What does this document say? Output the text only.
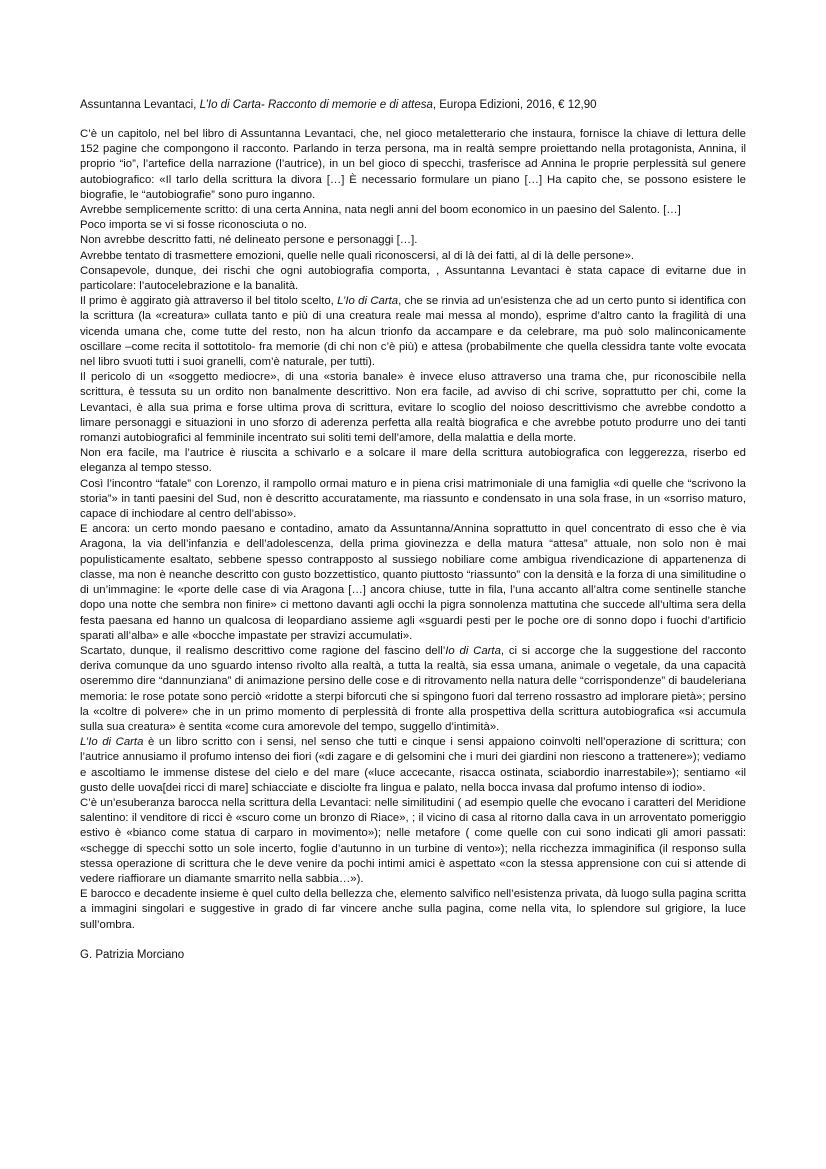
Assuntanna Levantaci, L’Io di Carta- Racconto di memorie e di attesa, Europa Edizioni, 2016, € 12,90

C’è un capitolo, nel bel libro di Assuntanna Levantaci, che, nel gioco metaletterario che instaura, fornisce la chiave di lettura delle 152 pagine che compongono il racconto. Parlando in terza persona, ma in realtà sempre proiettando nella protagonista, Annina, il proprio “io”, l’artefice della narrazione (l’autrice), in un bel gioco di specchi, trasferisce ad Annina le proprie perplessità sul genere autobiografico: «Il tarlo della scrittura la divora […] È necessario formulare un piano […] Ha capito che, se possono esistere le biografie, le “autobiografie” sono puro inganno.

Avrebbe semplicemente scritto: di una certa Annina, nata negli anni del boom economico in un paesino del Salento. […]

Poco importa se vi si fosse riconosciuta o no.

Non avrebbe descritto fatti, né delineato persone e personaggi […].

Avrebbe tentato di trasmettere emozioni, quelle nelle quali riconoscersi, al di là dei fatti, al di là delle persone».

Consapevole, dunque, dei rischi che ogni autobiografia comporta, , Assuntanna Levantaci è stata capace di evitarne due in particolare: l’autocelebrazione e la banalità.

Il primo è aggirato già attraverso il bel titolo scelto, L’Io di Carta, che se rinvia ad un’esistenza che ad un certo punto si identifica con la scrittura (la «creatura» cullata tanto e più di una creatura reale mai messa al mondo), esprime d’altro canto la fragilità di una vicenda umana che, come tutte del resto, non ha alcun trionfo da accampare e da celebrare, ma può solo malinconicamente oscillare –come recita il sottotitolo- fra memorie (di chi non c’è più) e attesa (probabilmente che quella clessidra tante volte evocata nel libro svuoti tutti i suoi granelli, com’è naturale, per tutti).

Il pericolo di un «soggetto mediocre», di una «storia banale» è invece eluso attraverso una trama che, pur riconoscibile nella scrittura, è tessuta su un ordito non banalmente descrittivo. Non era facile, ad avviso di chi scrive, soprattutto per chi, come la Levantaci, è alla sua prima e forse ultima prova di scrittura, evitare lo scoglio del noioso descrittivismo che avrebbe condotto a limare personaggi e situazioni in uno sforzo di aderenza perfetta alla realtà biografica e che avrebbe potuto produrre uno dei tanti romanzi autobiografici al femminile incentrato sui soliti temi dell’amore, della malattia e della morte.

Non era facile, ma l’autrice è riuscita a schivarlo e a solcare il mare della scrittura autobiografica con leggerezza, riserbo ed eleganza al tempo stesso.

Così l’incontro “fatale” con Lorenzo, il rampollo ormai maturo e in piena crisi matrimoniale di una famiglia «di quelle che “scrivono la storia”» in tanti paesini del Sud, non è descritto accuratamente, ma riassunto e condensato in una sola frase, in un «sorriso maturo, capace di inchiodare al centro dell’abisso».

E ancora: un certo mondo paesano e contadino, amato da Assuntanna/Annina soprattutto in quel concentrato di esso che è via Aragona, la via dell’infanzia e dell’adolescenza, della prima giovinezza e della matura “attesa” attuale, non solo non è mai populisticamente esaltato, sebbene spesso contrapposto al sussiego nobiliare come ambigua rivendicazione di appartenenza di classe, ma non è neanche descritto con gusto bozzettistico, quanto piuttosto “riassunto” con la densità e la forza di una similitudine o di un’immagine: le «porte delle case di via Aragona […] ancora chiuse, tutte in fila, l’una accanto all’altra come sentinelle stanche dopo una notte che sembra non finire» ci mettono davanti agli occhi la pigra sonnolenza mattutina che succede all’ultima sera della festa paesana ed hanno un qualcosa di leopardiano assieme agli «sguardi pesti per le poche ore di sonno dopo i fuochi d’artificio sparati all’alba» e alle «bocche impastate per stravizi accumulati».

Scartato, dunque, il realismo descrittivo come ragione del fascino dell’Io di Carta, ci si accorge che la suggestione del racconto deriva comunque da uno sguardo intenso rivolto alla realtà, a tutta la realtà, sia essa umana, animale o vegetale, da una capacità oseremmo dire “dannunziana” di animazione persino delle cose e di ritrovamento nella natura delle “corrispondenze” di baudeleriana memoria: le rose potate sono perciò «ridotte a sterpi biforcuti che si spingono fuori dal terreno rossastro ad implorare pietà»; persino la «coltre di polvere» che in un primo momento di perplessità di fronte alla prospettiva della scrittura autobiografica «si accumula sulla sua creatura» è sentita «come cura amorevole del tempo, suggello d’intimità».

L’Io di Carta è un libro scritto con i sensi, nel senso che tutti e cinque i sensi appaiono coinvolti nell’operazione di scrittura; con l’autrice annusiamo il profumo intenso dei fiori («di zagare e di gelsomini che i muri dei giardini non riescono a trattenere»); vediamo e ascoltiamo le immense distese del cielo e del mare («luce accecante, risacca ostinata, sciabordio inarrestabile»); sentiamo «il gusto delle uova[dei ricci di mare] schiacciate e disciolte fra lingua e palato, nella bocca invasa dal profumo intenso di iodio».

C’è un’esuberanza barocca nella scrittura della Levantaci: nelle similitudini ( ad esempio quelle che evocano i caratteri del Meridione salentino: il venditore di ricci è «scuro come un bronzo di Riace», ; il vicino di casa al ritorno dalla cava in un arroventato pomeriggio estivo è «bianco come statua di carparo in movimento»); nelle metafore ( come quelle con cui sono indicati gli amori passati: «schegge di specchi sotto un sole incerto, foglie d’autunno in un turbine di vento»); nella ricchezza immaginifica (il responso sulla stessa operazione di scrittura che le deve venire da pochi intimi amici è aspettato «con la stessa apprensione con cui si attende di vedere riaffiorare un diamante smarrito nella sabbia…»).

E barocco e decadente insieme è quel culto della bellezza che, elemento salvifico nell’esistenza privata, dà luogo sulla pagina scritta a immagini singolari e suggestive in grado di far vincere anche sulla pagina, come nella vita, lo splendore sul grigiore, la luce sull’ombra.

G. Patrizia Morciano
